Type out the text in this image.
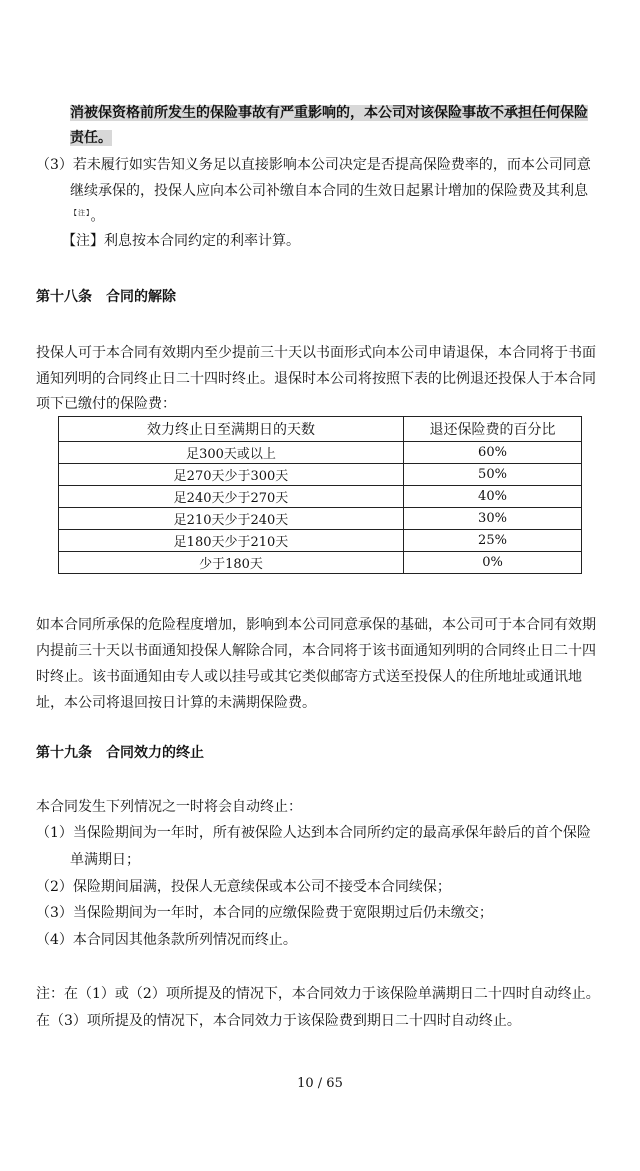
消被保资格前所发生的保险事故有严重影响的，本公司对该保险事故不承担任何保险
责任。
（3）若未履行如实告知义务足以直接影响本公司决定是否提高保险费率的，而本公司同意
继续承保的，投保人应向本公司补缴自本合同的生效日起累计增加的保险费及其利息
$^{【注】}$。
【注】利息按本合同约定的利率计算。
第十八条　合同的解除
投保人可于本合同有效期内至少提前三十天以书面形式向本公司申请退保，本合同将于书面
通知列明的合同终止日二十四时终止。退保时本公司将按照下表的比例退还投保人于本合同
项下已缴付的保险费：
效力终止日至满期日的天数	退还保险费的百分比
足300天或以上	60%
足270天少于300天	50%
足240天少于270天	40%
足210天少于240天	30%
足180天少于210天	25%
少于180天	0%
如本合同所承保的危险程度增加，影响到本公司同意承保的基础，本公司可于本合同有效期
内提前三十天以书面通知投保人解除合同，本合同将于该书面通知列明的合同终止日二十四
时终止。该书面通知由专人或以挂号或其它类似邮寄方式送至投保人的住所地址或通讯地
址，本公司将退回按日计算的未满期保险费。
第十九条　合同效力的终止
本合同发生下列情况之一时将会自动终止：
（1）当保险期间为一年时，所有被保险人达到本合同所约定的最高承保年龄后的首个保险
单满期日；
（2）保险期间届满，投保人无意续保或本公司不接受本合同续保；
（3）当保险期间为一年时，本合同的应缴保险费于宽限期过后仍未缴交；
（4）本合同因其他条款所列情况而终止。
注：在（1）或（2）项所提及的情况下，本合同效力于该保险单满期日二十四时自动终止。
在（3）项所提及的情况下，本合同效力于该保险费到期日二十四时自动终止。
10 / 65
